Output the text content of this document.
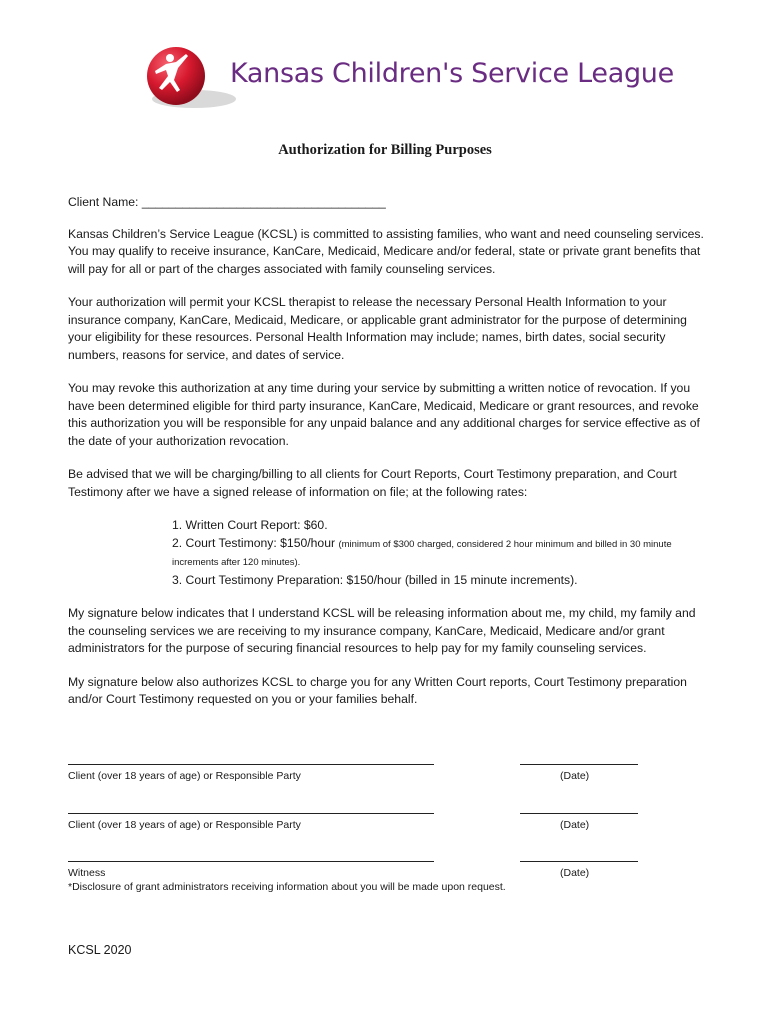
Kansas Children's Service League
Authorization for Billing Purposes

Client Name: ____________________________________

Kansas Children’s Service League (KCSL) is committed to assisting families, who want and need counseling services. You may qualify to receive insurance, KanCare, Medicaid, Medicare and/or federal, state or private grant benefits that will pay for all or part of the charges associated with family counseling services.

Your authorization will permit your KCSL therapist to release the necessary Personal Health Information to your insurance company, KanCare, Medicaid, Medicare, or applicable grant administrator for the purpose of determining your eligibility for these resources. Personal Health Information may include; names, birth dates, social security numbers, reasons for service, and dates of service.

You may revoke this authorization at any time during your service by submitting a written notice of revocation. If you have been determined eligible for third party insurance, KanCare, Medicaid, Medicare or grant resources, and revoke this authorization you will be responsible for any unpaid balance and any additional charges for service effective as of the date of your authorization revocation.

Be advised that we will be charging/billing to all clients for Court Reports, Court Testimony preparation, and Court Testimony after we have a signed release of information on file; at the following rates:

1. Written Court Report: $60.
2. Court Testimony: $150/hour (minimum of $300 charged, considered 2 hour minimum and billed in 30 minute increments after 120 minutes).
3. Court Testimony Preparation: $150/hour (billed in 15 minute increments).

My signature below indicates that I understand KCSL will be releasing information about me, my child, my family and the counseling services we are receiving to my insurance company, KanCare, Medicaid, Medicare and/or grant administrators for the purpose of securing financial resources to help pay for my family counseling services.

My signature below also authorizes KCSL to charge you for any Written Court reports, Court Testimony preparation and/or Court Testimony requested on you or your families behalf.

Client (over 18 years of age) or Responsible Party	(Date)
Client (over 18 years of age) or Responsible Party	(Date)
Witness	(Date)
*Disclosure of grant administrators receiving information about you will be made upon request.
KCSL 2020
